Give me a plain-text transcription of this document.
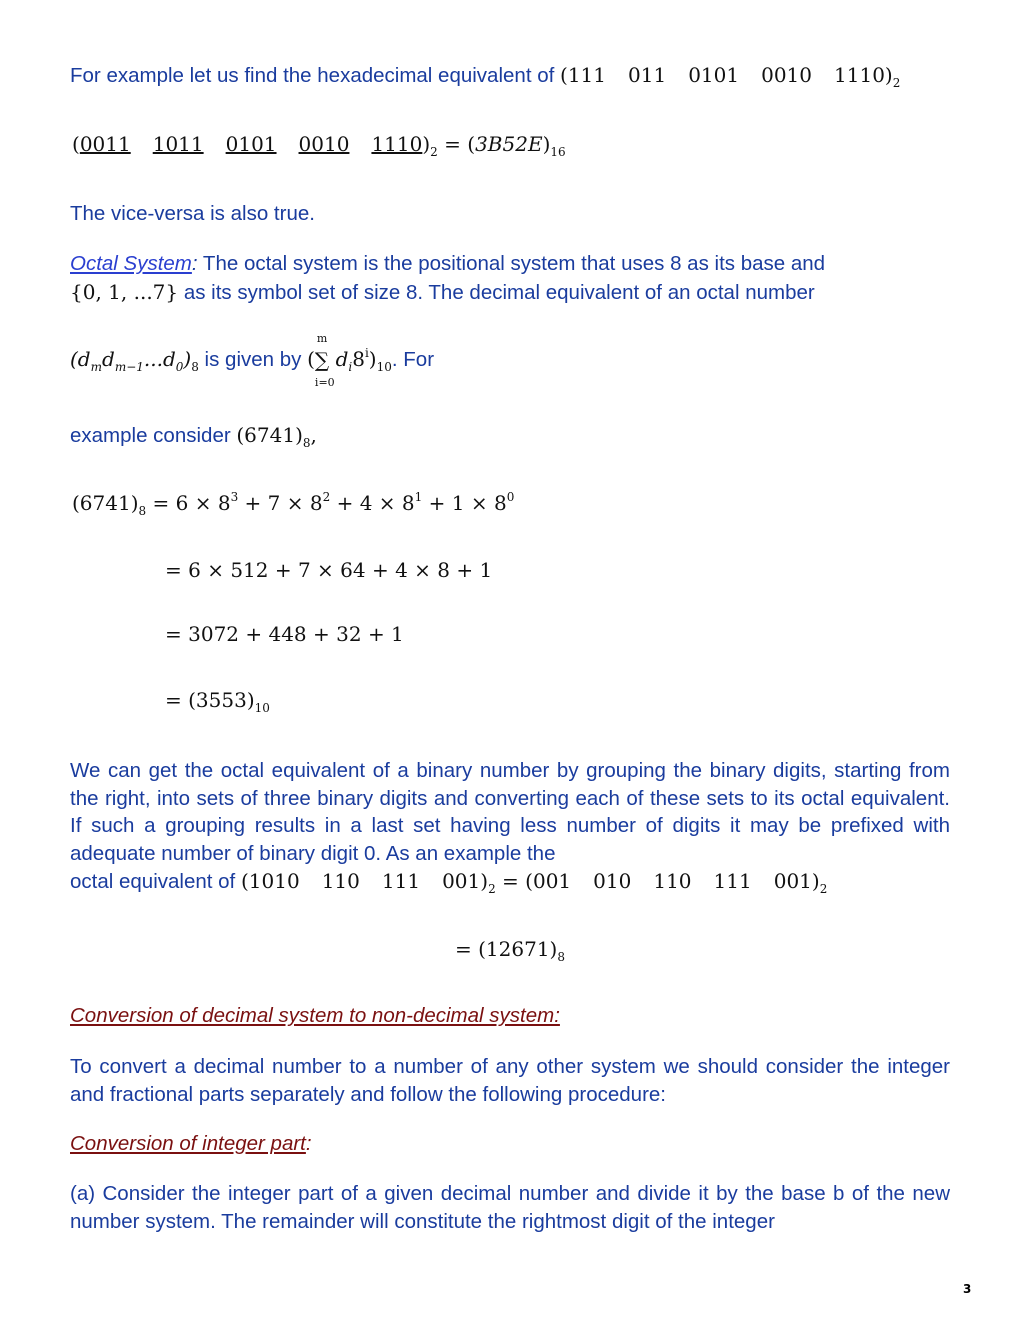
For example let us find the hexadecimal equivalent of (111 011 0101 0010 $1110)_2$
(0011 1011 0101 0010 $1110)_2 = (3B52E)_{16}$
The vice-versa is also true.
Octal System: The octal system is the positional system that uses 8 as its base and
{0, 1, ...7} as its symbol set of size 8. The decimal equivalent of an octal number
$(d_md_{m-1}...d_0)_8$ is given by (
m
∑
i=0
$d_i8^i)_{10}$. For
example consider $(6741)_8$,
$(6741)_8 = 6 \times 8^3 + 7 \times 8^2 + 4 \times 8^1 + 1 \times 8^0$
= 6 × 512 + 7 × 64 + 4 × 8 + 1
= 3072 + 448 + 32 + 1
= $(3553)_{10}$
We can get the octal equivalent of a binary number by grouping the binary digits, starting from the right, into sets of three binary digits and converting each of these sets to its octal equivalent. If such a grouping results in a last set having less number of digits it may be prefixed with adequate number of binary digit 0. As an example the
octal equivalent of (1010 110 111 $001)_2 = (001$ 010 110 111 $001)_2$
= $(12671)_8$
Conversion of decimal system to non-decimal system:
To convert a decimal number to a number of any other system we should consider the integer and fractional parts separately and follow the following procedure:
Conversion of integer part:
(a) Consider the integer part of a given decimal number and divide it by the base b of the new number system. The remainder will constitute the rightmost digit of the integer
3
